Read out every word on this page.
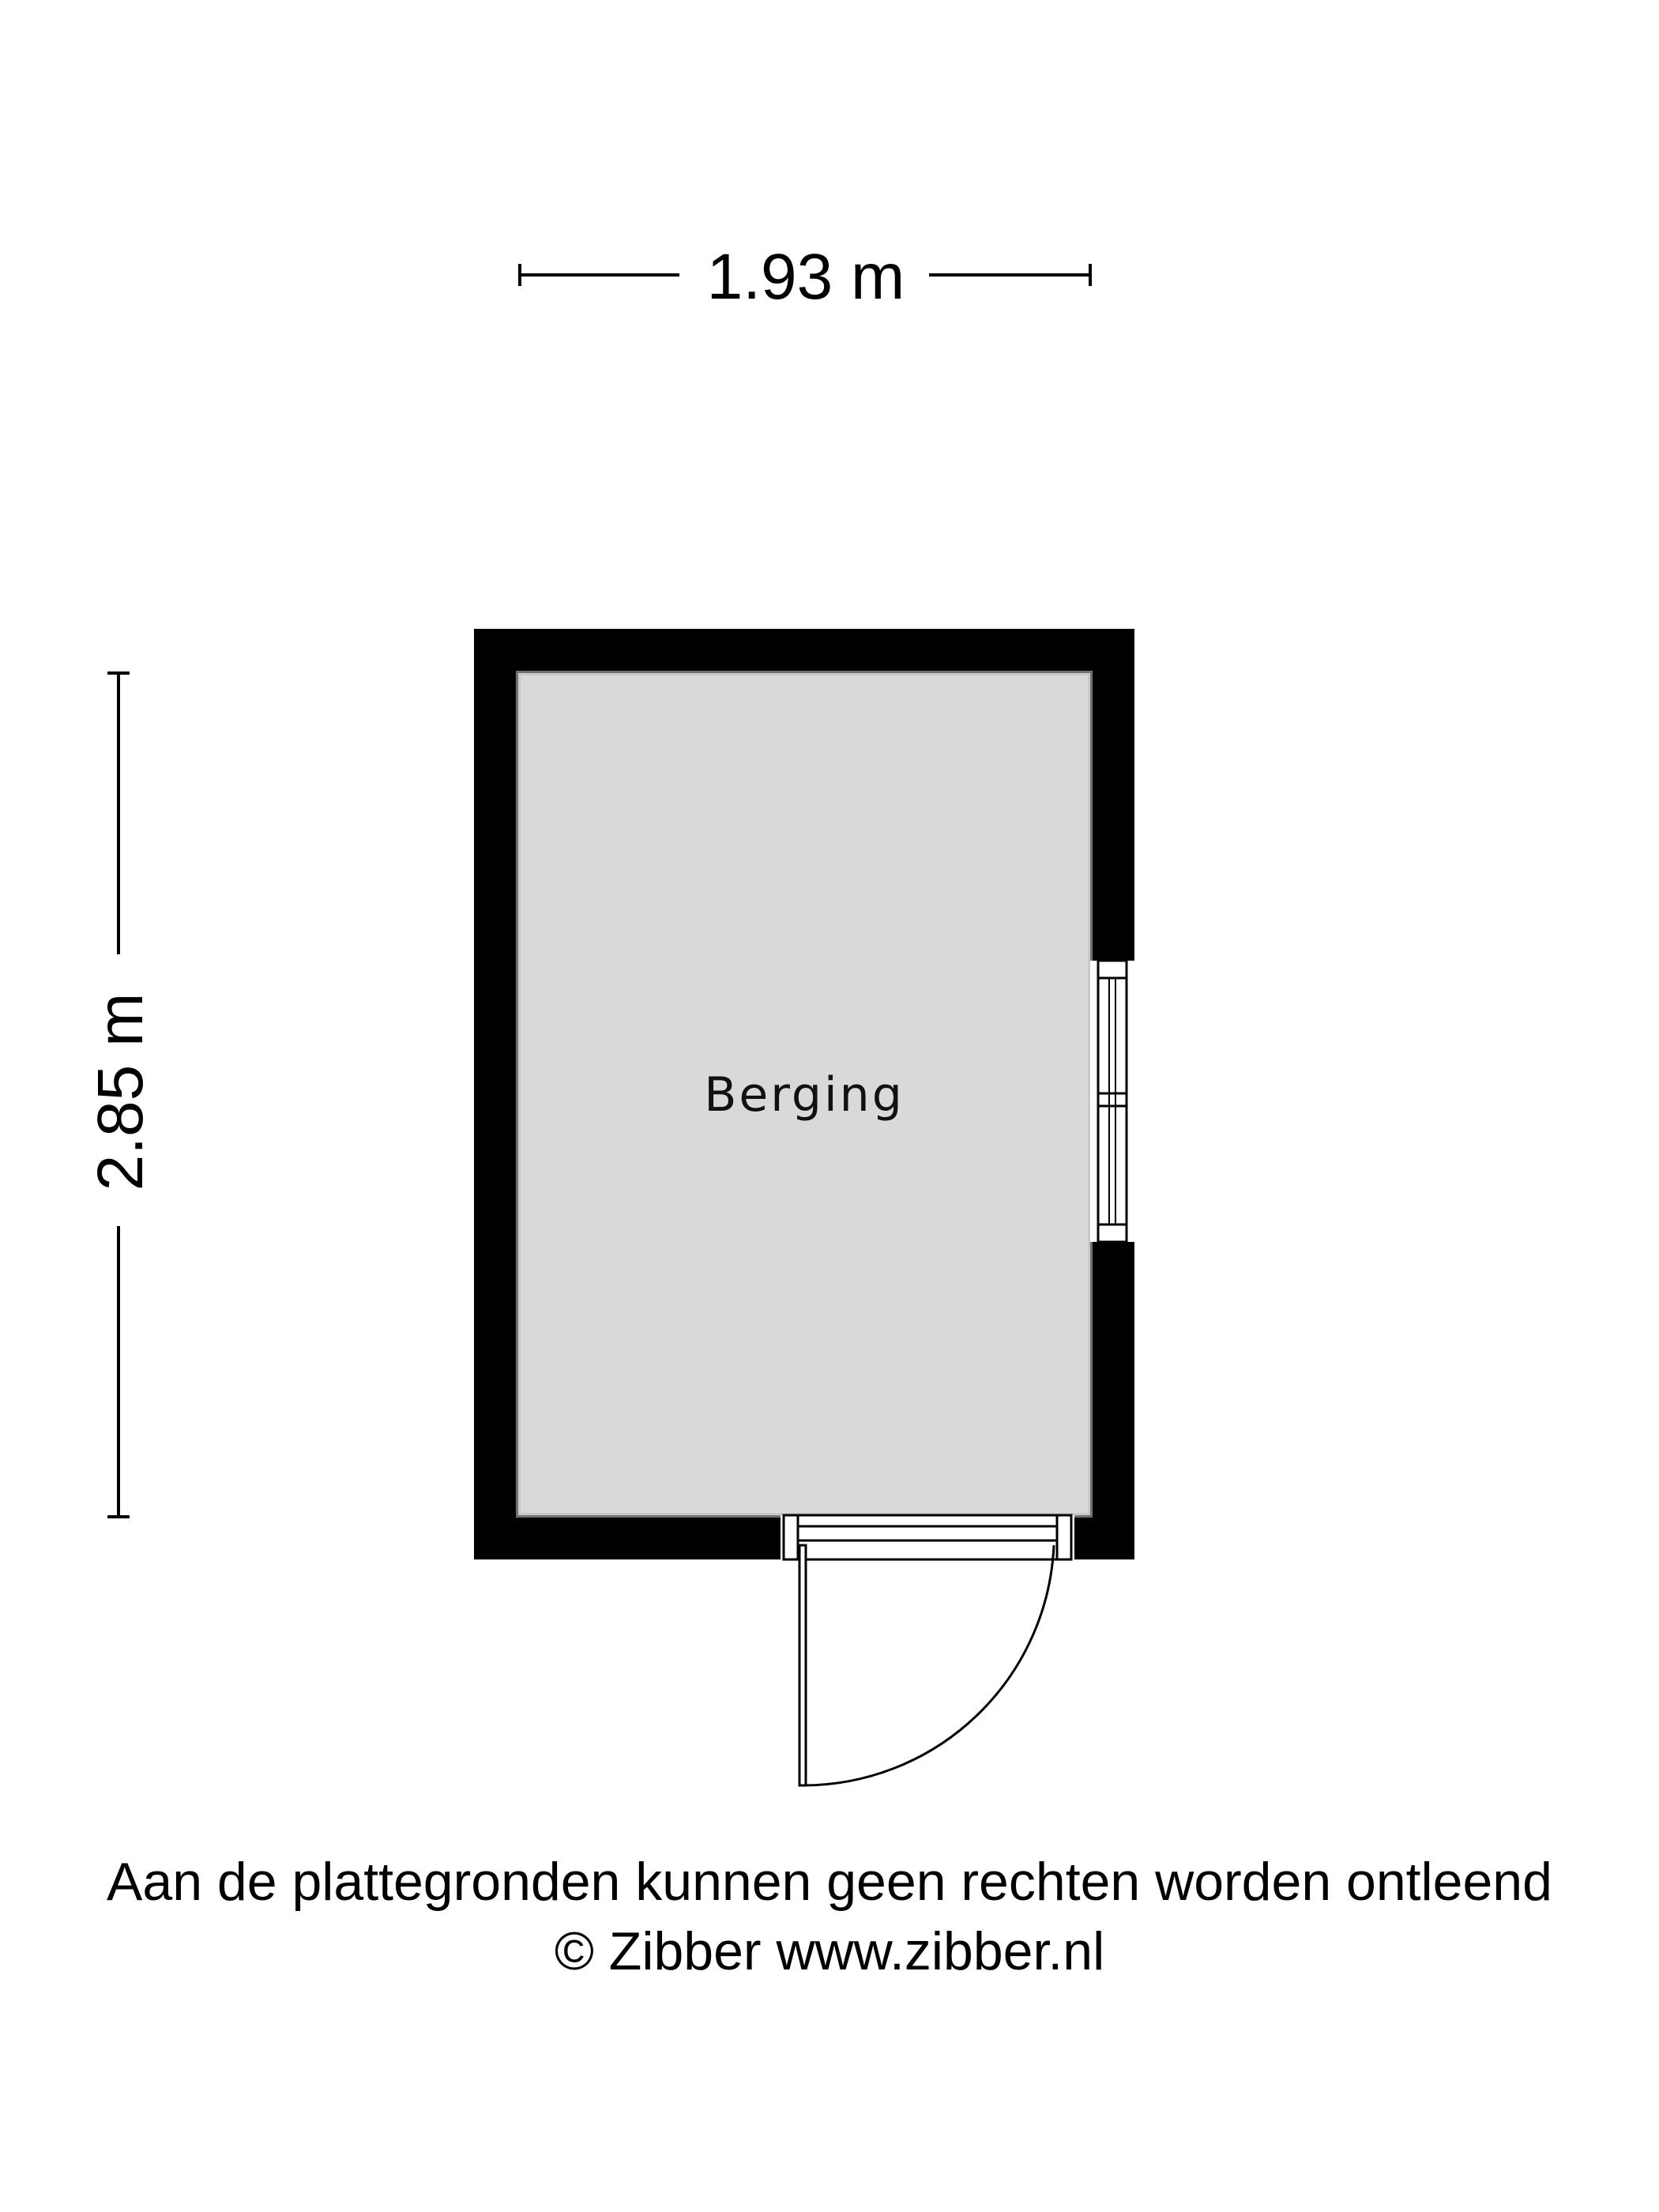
1.93 m
2.85 m	Berging
Aan de plattegronden kunnen geen rechten worden ontleend
© Zibber www.zibber.nl
